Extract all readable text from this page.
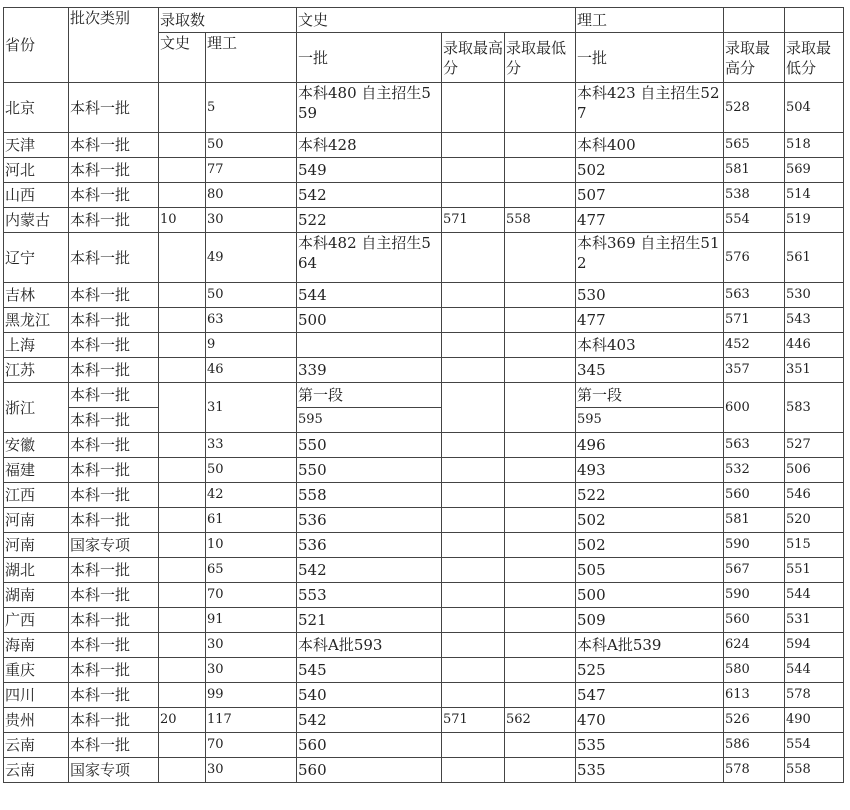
省份	批次类别	录取数		文史			理工		
		文史	理工	一批	录取最高分	录取最低分	一批	录取最高分	录取最低分
北京	本科一批		5	本科480 自主招生559			本科423 自主招生527	528	504
天津	本科一批		50	本科428			本科400	565	518
河北	本科一批		77	549			502	581	569
山西	本科一批		80	542			507	538	514
内蒙古	本科一批	10	30	522	571	558	477	554	519
辽宁	本科一批		49	本科482 自主招生564			本科369 自主招生512	576	561
吉林	本科一批		50	544			530	563	530
黑龙江	本科一批		63	500			477	571	543
上海	本科一批		9				本科403	452	446
江苏	本科一批		46	339			345	357	351
浙江	本科一批		31	第一段			第一段	600	583
	本科一批			595			595		
安徽	本科一批		33	550			496	563	527
福建	本科一批		50	550			493	532	506
江西	本科一批		42	558			522	560	546
河南	本科一批		61	536			502	581	520
河南	国家专项		10	536			502	590	515
湖北	本科一批		65	542			505	567	551
湖南	本科一批		70	553			500	590	544
广西	本科一批		91	521			509	560	531
海南	本科一批		30	本科A批593			本科A批539	624	594
重庆	本科一批		30	545			525	580	544
四川	本科一批		99	540			547	613	578
贵州	本科一批	20	117	542	571	562	470	526	490
云南	本科一批		70	560			535	586	554
云南	国家专项		30	560			535	578	558
